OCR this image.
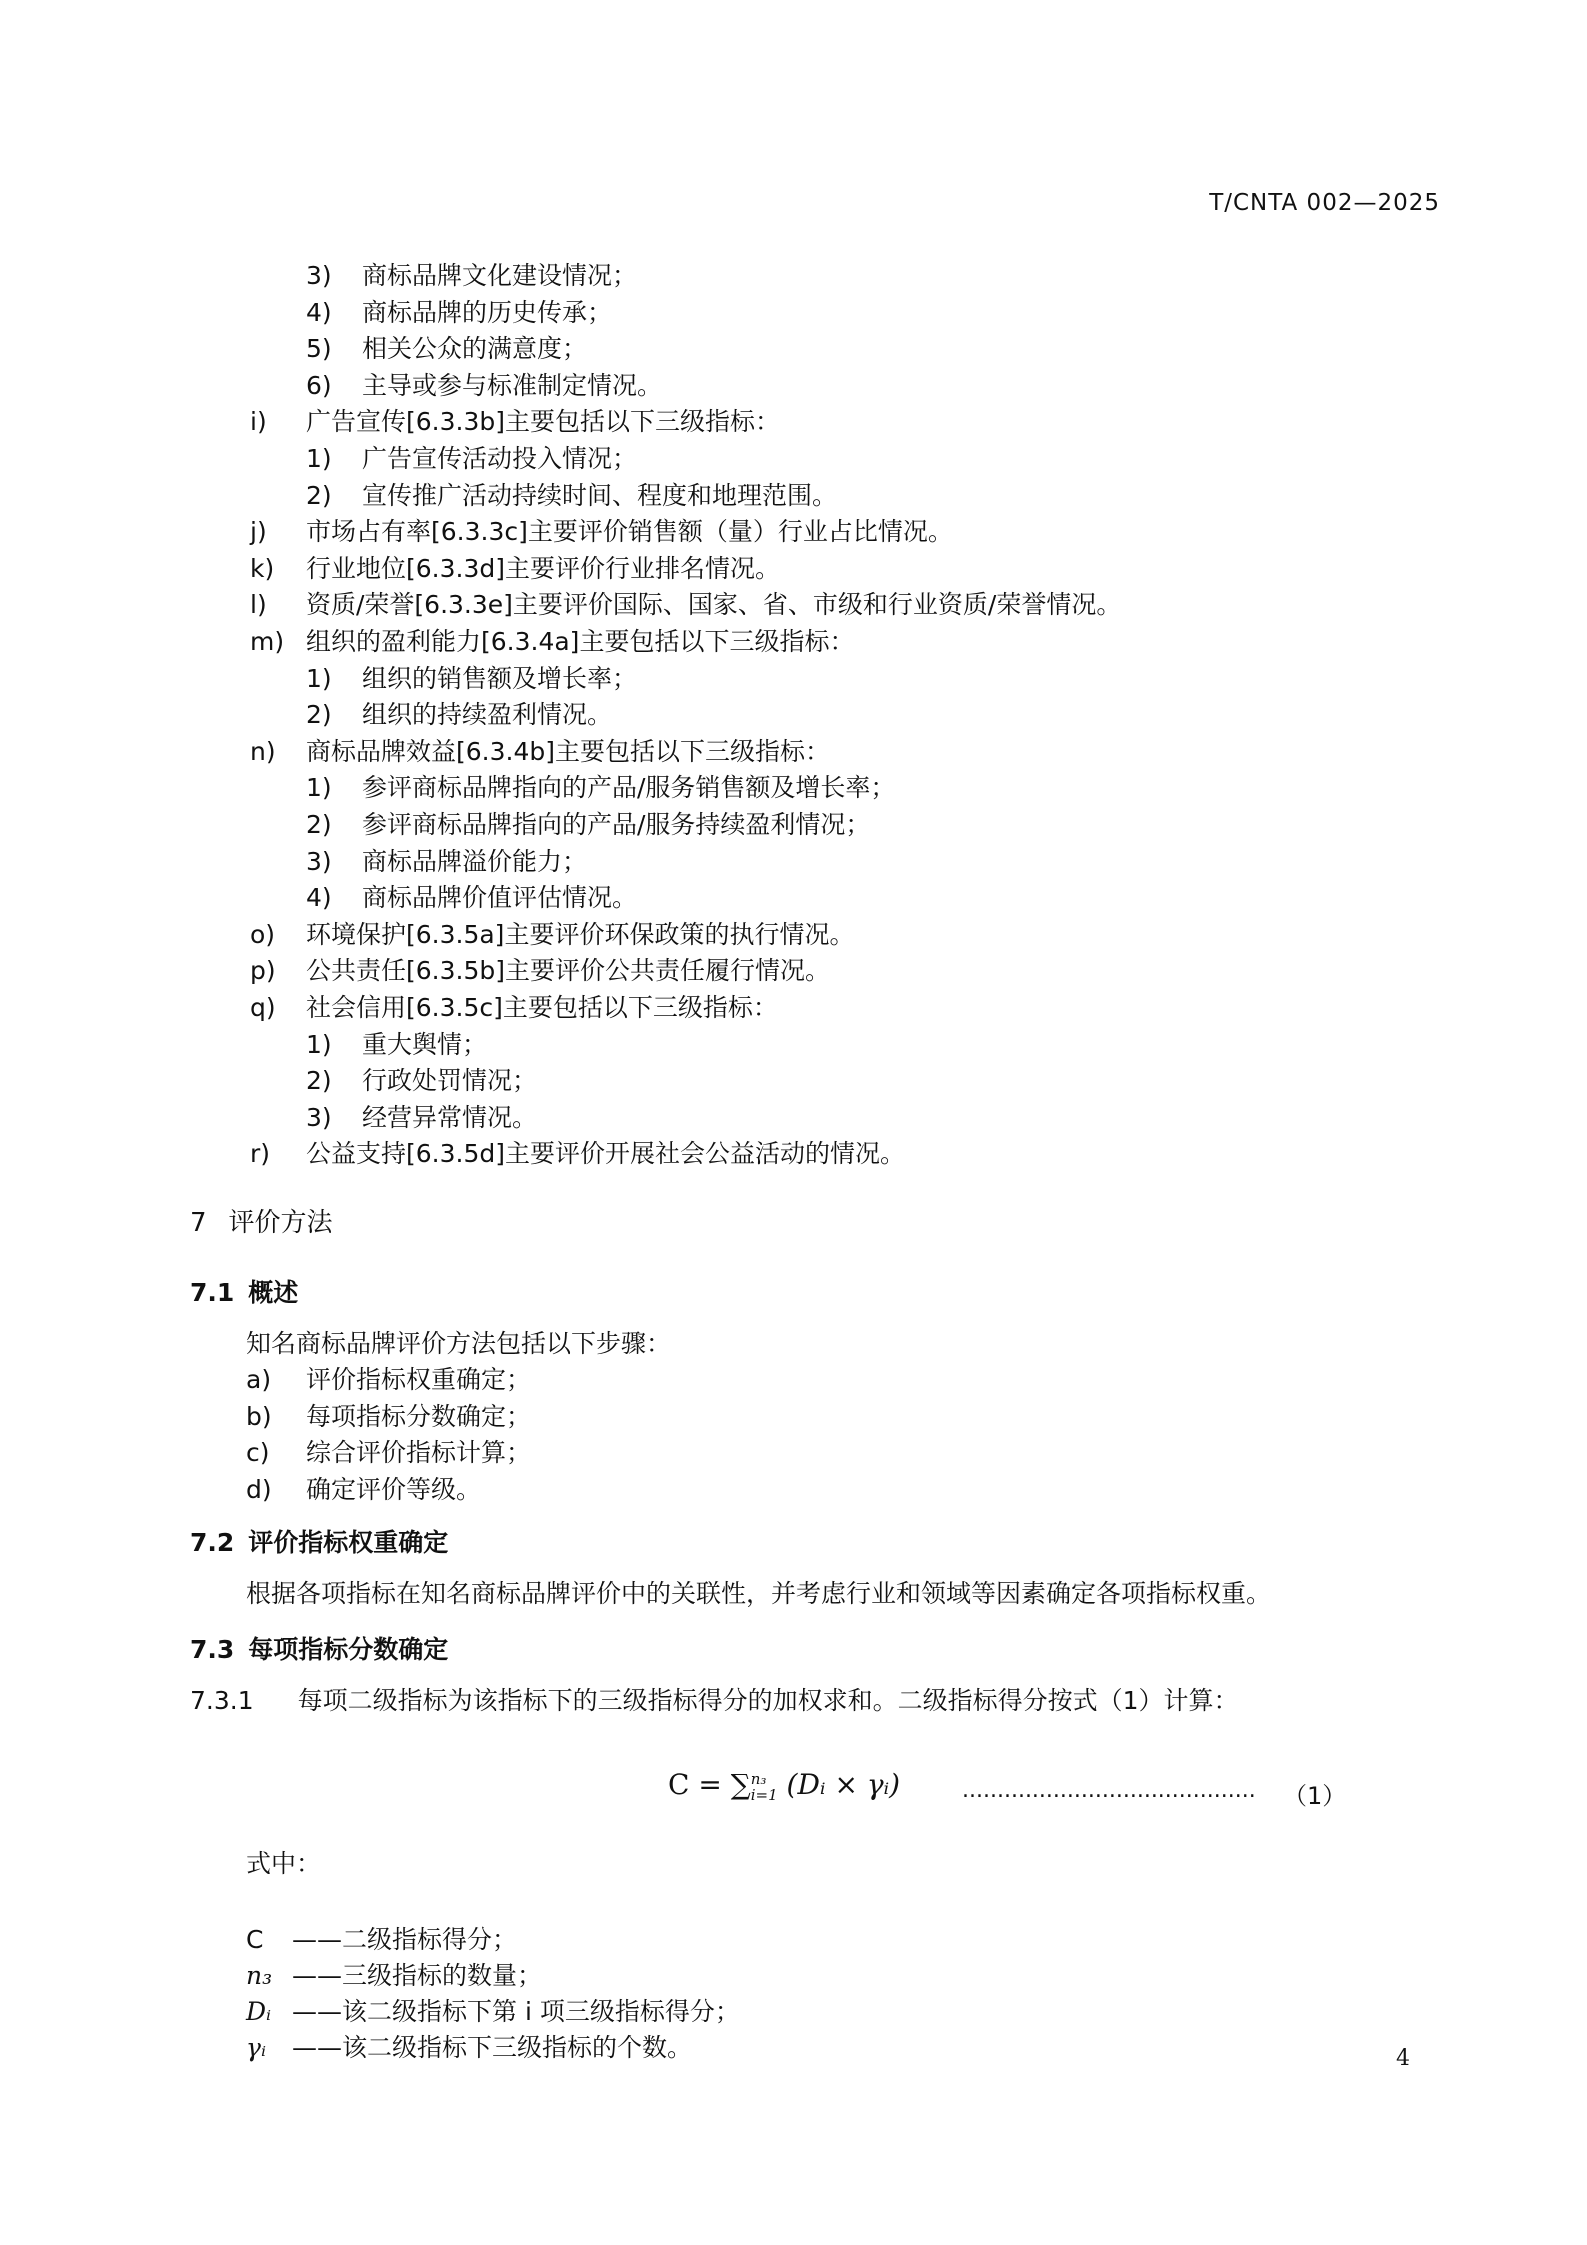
T/CNTA 002—2025
3) 商标品牌文化建设情况；
4) 商标品牌的历史传承；
5) 相关公众的满意度；
6) 主导或参与标准制定情况。
i) 广告宣传[6.3.3b]主要包括以下三级指标：
1) 广告宣传活动投入情况；
2) 宣传推广活动持续时间、程度和地理范围。
j) 市场占有率[6.3.3c]主要评价销售额（量）行业占比情况。
k) 行业地位[6.3.3d]主要评价行业排名情况。
l) 资质/荣誉[6.3.3e]主要评价国际、国家、省、市级和行业资质/荣誉情况。
m) 组织的盈利能力[6.3.4a]主要包括以下三级指标：
1) 组织的销售额及增长率；
2) 组织的持续盈利情况。
n) 商标品牌效益[6.3.4b]主要包括以下三级指标：
1) 参评商标品牌指向的产品/服务销售额及增长率；
2) 参评商标品牌指向的产品/服务持续盈利情况；
3) 商标品牌溢价能力；
4) 商标品牌价值评估情况。
o) 环境保护[6.3.5a]主要评价环保政策的执行情况。
p) 公共责任[6.3.5b]主要评价公共责任履行情况。
q) 社会信用[6.3.5c]主要包括以下三级指标：
1) 重大舆情；
2) 行政处罚情况；
3) 经营异常情况。
r) 公益支持[6.3.5d]主要评价开展社会公益活动的情况。
7 评价方法
7.1 概述
知名商标品牌评价方法包括以下步骤：
a) 评价指标权重确定；
b) 每项指标分数确定；
c) 综合评价指标计算；
d) 确定评价等级。
7.2 评价指标权重确定
根据各项指标在知名商标品牌评价中的关联性，并考虑行业和领域等因素确定各项指标权重。
7.3 每项指标分数确定
7.3.1 每项二级指标为该指标下的三级指标得分的加权求和。二级指标得分按式（1）计算：
C = ∑ n₃
i=1 (Dᵢ × γᵢ)	.......................................... （1）
式中：
C ——二级指标得分；
n₃ ——三级指标的数量；
Dᵢ ——该二级指标下第 i 项三级指标得分；
γᵢ ——该二级指标下三级指标的个数。	4
